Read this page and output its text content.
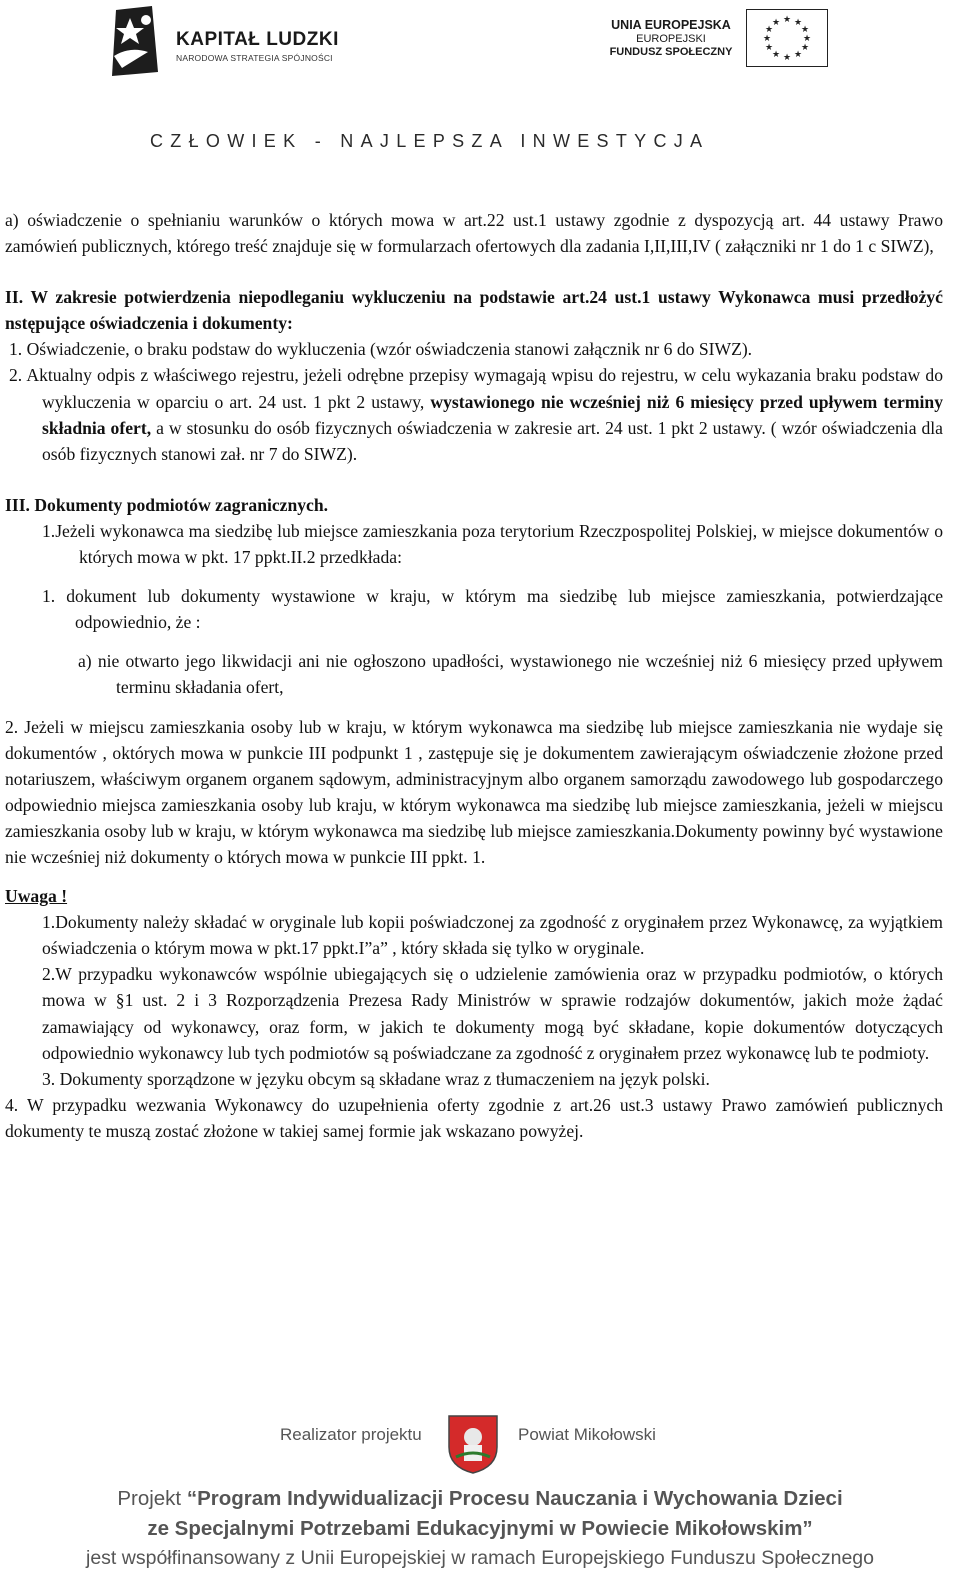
KAPITAŁ LUDZKI
NARODOWA STRATEGIA SPÓJNOŚCI
UNIA EUROPEJSKA
EUROPEJSKI
FUNDUSZ SPOŁECZNY
★ ★
★
★
★
★
★
★
★
★
★
★
CZŁOWIEK - NAJLEPSZA INWESTYCJA

a) oświadczenie o spełnianiu warunków o których mowa w art.22 ust.1 ustawy zgodnie z dyspozycją art. 44 ustawy Prawo zamówień publicznych, którego treść znajduje się w formularzach ofertowych dla zadania I,II,III,IV ( załączniki nr 1 do 1 c SIWZ),

II. W zakresie potwierdzenia niepodleganiu wykluczeniu na podstawie art.24 ust.1 ustawy Wykonawca musi przedłożyć nstępujące oświadczenia i dokumenty:

1. Oświadczenie, o braku podstaw do wykluczenia (wzór oświadczenia stanowi załącznik nr 6 do SIWZ).

2. Aktualny odpis z właściwego rejestru, jeżeli odrębne przepisy wymagają wpisu do rejestru, w celu wykazania braku podstaw do wykluczenia w oparciu o art. 24 ust. 1 pkt 2 ustawy, wystawionego nie wcześniej niż 6 miesięcy przed upływem terminy składnia ofert, a w stosunku do osób fizycznych oświadczenia w zakresie art. 24 ust. 1 pkt 2 ustawy. ( wzór oświadczenia dla osób fizycznych stanowi zał. nr 7 do SIWZ).

III. Dokumenty podmiotów zagranicznych.

1.Jeżeli wykonawca ma siedzibę lub miejsce zamieszkania poza terytorium Rzeczpospolitej Polskiej, w miejsce dokumentów o których mowa w pkt. 17 ppkt.II.2 przedkłada:

1. dokument lub dokumenty wystawione w kraju, w którym ma siedzibę lub miejsce zamieszkania, potwierdzające odpowiednio, że :

a) nie otwarto jego likwidacji ani nie ogłoszono upadłości, wystawionego nie wcześniej niż 6 miesięcy przed upływem terminu składania ofert,

2. Jeżeli w miejscu zamieszkania osoby lub w kraju, w którym wykonawca ma siedzibę lub miejsce zamieszkania nie wydaje się dokumentów , októrych mowa w punkcie III podpunkt 1 , zastępuje się je dokumentem zawierającym oświadczenie złożone przed notariuszem, właściwym organem organem sądowym, administracyjnym albo organem samorządu zawodowego lub gospodarczego odpowiednio miejsca zamieszkania osoby lub kraju, w którym wykonawca ma siedzibę lub miejsce zamieszkania, jeżeli w miejscu zamieszkania osoby lub w kraju, w którym wykonawca ma siedzibę lub miejsce zamieszkania.Dokumenty powinny być wystawione nie wcześniej niż dokumenty o których mowa w punkcie III ppkt. 1.

Uwaga !

1.Dokumenty należy składać w oryginale lub kopii poświadczonej za zgodność z oryginałem przez Wykonawcę, za wyjątkiem oświadczenia o którym mowa w pkt.17 ppkt.I”a” , który składa się tylko w oryginale.

2.W przypadku wykonawców wspólnie ubiegających się o udzielenie zamówienia oraz w przypadku podmiotów, o których mowa w §1 ust. 2 i 3 Rozporządzenia Prezesa Rady Ministrów w sprawie rodzajów dokumentów, jakich może żądać zamawiający od wykonawcy, oraz form, w jakich te dokumenty mogą być składane, kopie dokumentów dotyczących odpowiednio wykonawcy lub tych podmiotów są poświadczane za zgodność z oryginałem przez wykonawcę lub te podmioty.

3. Dokumenty sporządzone w języku obcym są składane wraz z tłumaczeniem na język polski.

4. W przypadku wezwania Wykonawcy do uzupełnienia oferty zgodnie z art.26 ust.3 ustawy Prawo zamówień publicznych dokumenty te muszą zostać złożone w takiej samej formie jak wskazano powyżej.

Realizator projektu	Powiat Mikołowski
Projekt “Program Indywidualizacji Procesu Nauczania i Wychowania Dzieci
ze Specjalnymi Potrzebami Edukacyjnymi w Powiecie Mikołowskim”
jest współfinansowany z Unii Europejskiej w ramach Europejskiego Funduszu Społecznego
